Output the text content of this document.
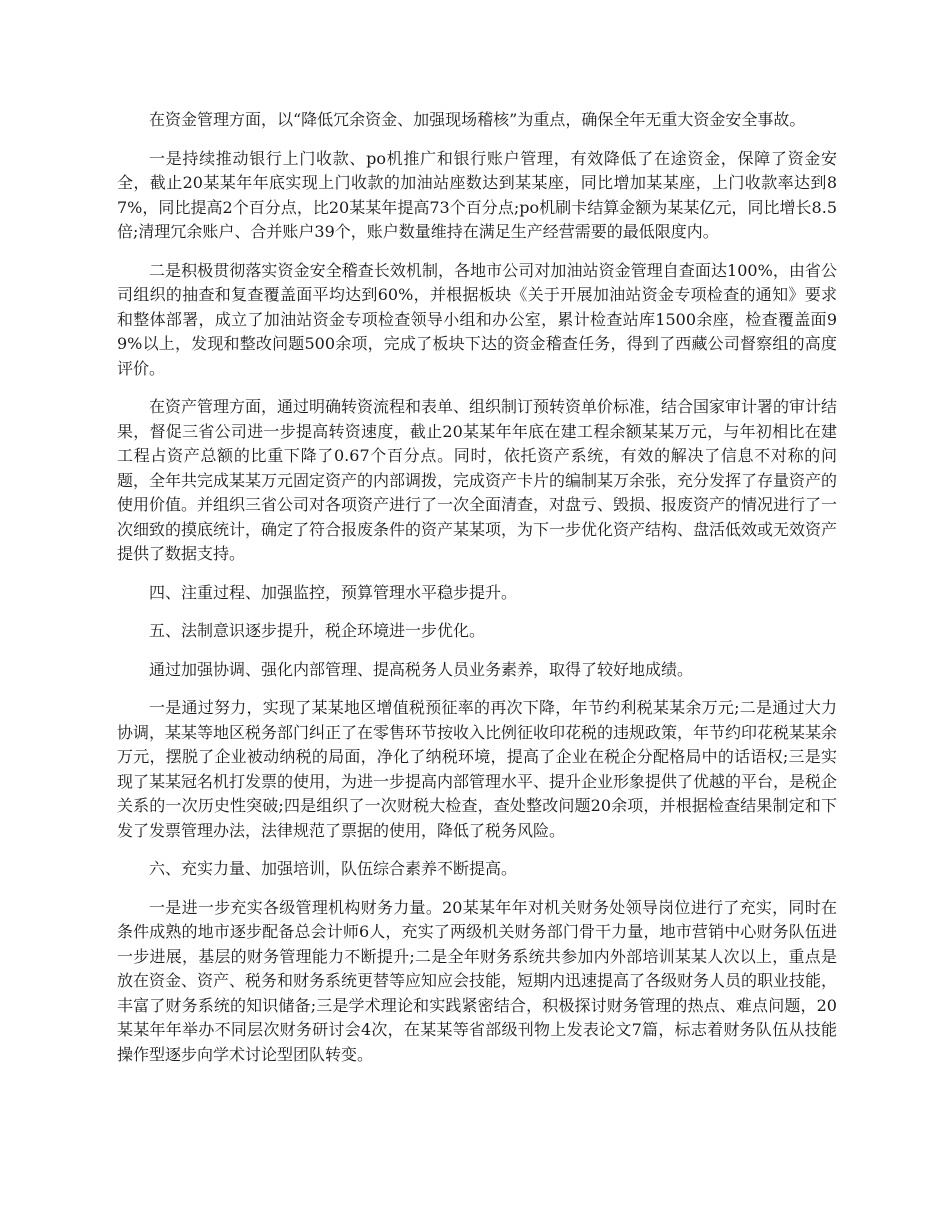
在资金管理方面，以“降低冗余资金、加强现场稽核”为重点，确保全年无重大资金安全事故。

一是持续推动银行上门收款、po机推广和银行账户管理，有效降低了在途资金，保障了资金安全，截止20某某年年底实现上门收款的加油站座数达到某某座，同比增加某某座，上门收款率达到87%，同比提高2个百分点，比20某某年提高73个百分点;po机刷卡结算金额为某某亿元，同比增长8.5倍;清理冗余账户、合并账户39个，账户数量维持在满足生产经营需要的最低限度内。

二是积极贯彻落实资金安全稽查长效机制，各地市公司对加油站资金管理自查面达100%，由省公司组织的抽查和复查覆盖面平均达到60%，并根据板块《关于开展加油站资金专项检查的通知》要求和整体部署，成立了加油站资金专项检查领导小组和办公室，累计检查站库1500余座，检查覆盖面99%以上，发现和整改问题500余项，完成了板块下达的资金稽查任务，得到了西藏公司督察组的高度评价。

在资产管理方面，通过明确转资流程和表单、组织制订预转资单价标准，结合国家审计署的审计结果，督促三省公司进一步提高转资速度，截止20某某年年底在建工程余额某某万元，与年初相比在建工程占资产总额的比重下降了0.67个百分点。同时，依托资产系统，有效的解决了信息不对称的问题，全年共完成某某万元固定资产的内部调拨，完成资产卡片的编制某万余张，充分发挥了存量资产的使用价值。并组织三省公司对各项资产进行了一次全面清查，对盘亏、毁损、报废资产的情况进行了一次细致的摸底统计，确定了符合报废条件的资产某某项，为下一步优化资产结构、盘活低效或无效资产提供了数据支持。

四、注重过程、加强监控，预算管理水平稳步提升。

五、法制意识逐步提升，税企环境进一步优化。

通过加强协调、强化内部管理、提高税务人员业务素养，取得了较好地成绩。

一是通过努力，实现了某某地区增值税预征率的再次下降，年节约利税某某余万元;二是通过大力协调，某某等地区税务部门纠正了在零售环节按收入比例征收印花税的违规政策，年节约印花税某某余万元，摆脱了企业被动纳税的局面，净化了纳税环境，提高了企业在税企分配格局中的话语权;三是实现了某某冠名机打发票的使用，为进一步提高内部管理水平、提升企业形象提供了优越的平台，是税企关系的一次历史性突破;四是组织了一次财税大检查，查处整改问题20余项，并根据检查结果制定和下发了发票管理办法，法律规范了票据的使用，降低了税务风险。

六、充实力量、加强培训，队伍综合素养不断提高。

一是进一步充实各级管理机构财务力量。20某某年年对机关财务处领导岗位进行了充实，同时在条件成熟的地市逐步配备总会计师6人，充实了两级机关财务部门骨干力量，地市营销中心财务队伍进一步进展，基层的财务管理能力不断提升;二是全年财务系统共参加内外部培训某某人次以上，重点是放在资金、资产、税务和财务系统更替等应知应会技能，短期内迅速提高了各级财务人员的职业技能，丰富了财务系统的知识储备;三是学术理论和实践紧密结合，积极探讨财务管理的热点、难点问题，20某某年年举办不同层次财务研讨会4次，在某某等省部级刊物上发表论文7篇，标志着财务队伍从技能操作型逐步向学术讨论型团队转变。
